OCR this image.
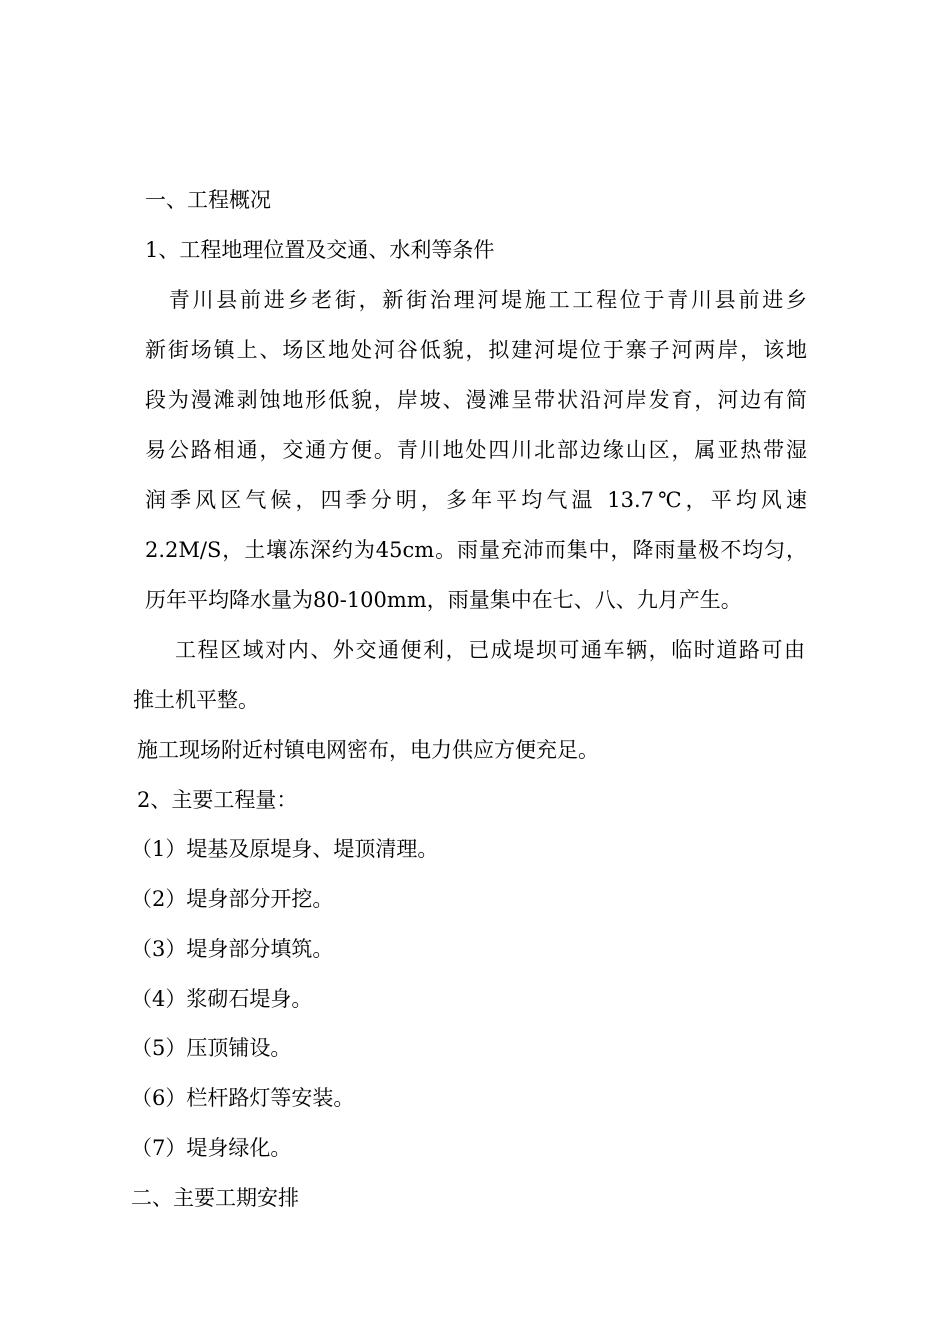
一、工程概况
1、工程地理位置及交通、水利等条件
　青川县前进乡老街，新街治理河堤施工工程位于青川县前进乡
新街场镇上、场区地处河谷低貌，拟建河堤位于寨子河两岸，该地
段为漫滩剥蚀地形低貌，岸坡、漫滩呈带状沿河岸发育，河边有简
易公路相通，交通方便。青川地处四川北部边缘山区，属亚热带湿
润季风区气候，四季分明，多年平均气温 13.7℃，平均风速
2.2M/S，土壤冻深约为45cm。雨量充沛而集中，降雨量极不均匀，
历年平均降水量为80-100mm，雨量集中在七、八、九月产生。
工程区域对内、外交通便利，已成堤坝可通车辆，临时道路可由
推土机平整。
施工现场附近村镇电网密布，电力供应方便充足。
2、主要工程量：
（1）堤基及原堤身、堤顶清理。
（2）堤身部分开挖。
（3）堤身部分填筑。
（4）浆砌石堤身。
（5）压顶铺设。
（6）栏杆路灯等安装。
（7）堤身绿化。
二、主要工期安排
